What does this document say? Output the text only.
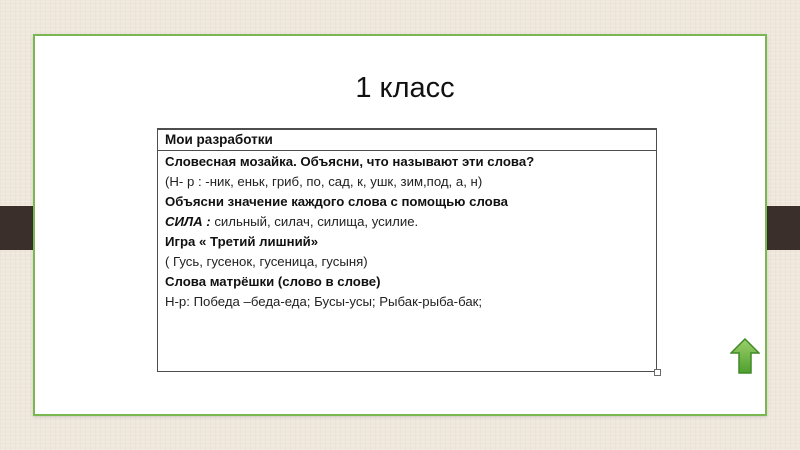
1 класс
Мои разработки
Словесная мозайка. Объясни, что называют эти слова?
(Н- р : -ник, еньк, гриб, по, сад, к, ушк, зим,под, а, н)
Объясни значение каждого слова с помощью слова
СИЛА : сильный, силач, силища, усилие.
Игра « Третий лишний»
( Гусь, гусенок, гусеница, гусыня)
Слова матрёшки (слово в слове)
Н-р: Победа –беда-еда; Бусы-усы; Рыбак-рыба-бак;
